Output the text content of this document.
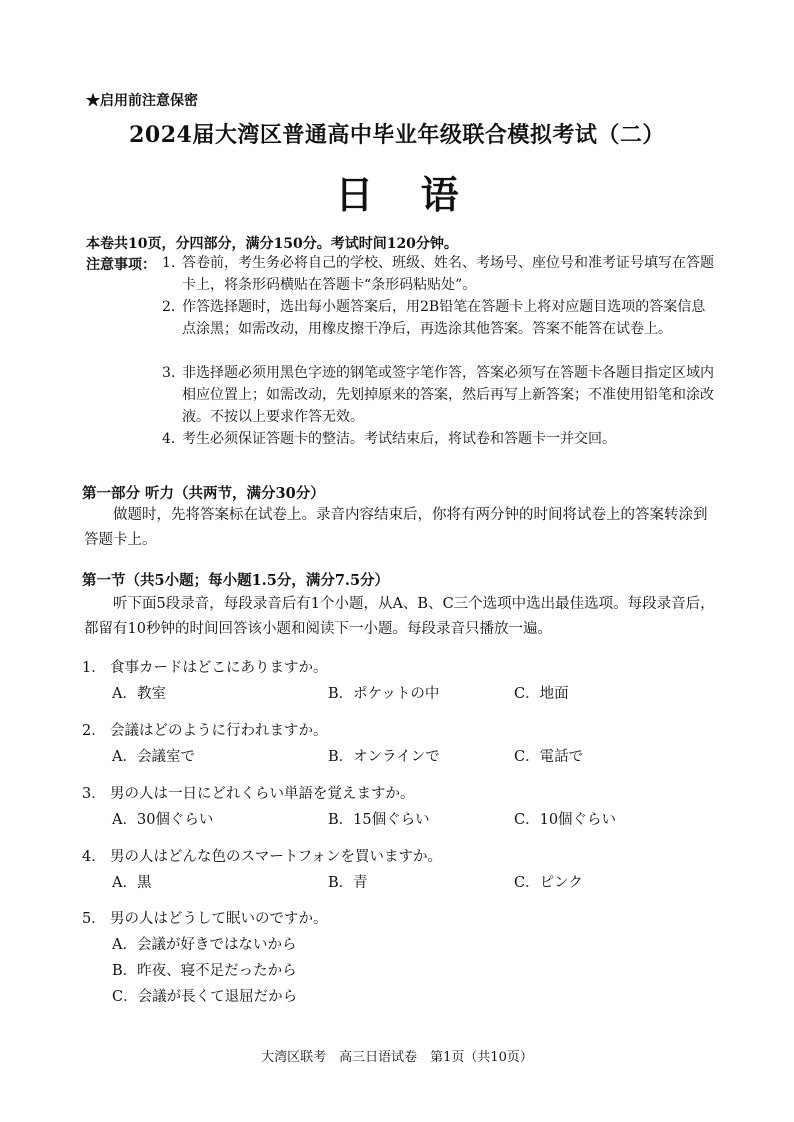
★启用前注意保密
2024届大湾区普通高中毕业年级联合模拟考试（二）
日 语
本卷共10页，分四部分，满分150分。考试时间120分钟。
注意事项： 1. 答卷前，考生务必将自己的学校、班级、姓名、考场号、座位号和准考证号填写在答题卡上，将条形码横贴在答题卡“条形码粘贴处”。
2. 作答选择题时，选出每小题答案后，用2B铅笔在答题卡上将对应题目选项的答案信息点涂黑；如需改动，用橡皮擦干净后，再选涂其他答案。答案不能答在试卷上。
3. 非选择题必须用黑色字迹的钢笔或签字笔作答，答案必须写在答题卡各题目指定区域内相应位置上；如需改动，先划掉原来的答案，然后再写上新答案；不准使用铅笔和涂改液。不按以上要求作答无效。
4. 考生必须保证答题卡的整洁。考试结束后，将试卷和答题卡一并交回。
第一部分 听力（共两节，满分30分）
做题时，先将答案标在试卷上。录音内容结束后，你将有两分钟的时间将试卷上的答案转涂到答题卡上。
第一节（共5小题；每小题1.5分，满分7.5分）
听下面5段录音，每段录音后有1个小题，从A、B、C三个选项中选出最佳选项。每段录音后，都留有10秒钟的时间回答该小题和阅读下一小题。每段录音只播放一遍。
1． 食事カードはどこにありますか。
A．教室	B．ポケットの中	C．地面
2． 会議はどのように行われますか。
A．会議室で	B．オンラインで	C．電話で
3． 男の人は一日にどれくらい単語を覚えますか。
A．30個ぐらい	B．15個ぐらい	C．10個ぐらい
4． 男の人はどんな色のスマートフォンを買いますか。
A．黒	B．青	C．ピンク
5． 男の人はどうして眠いのですか。
A．会議が好きではないから
B．昨夜、寝不足だったから
C．会議が長くて退屈だから
大湾区联考　高三日语试卷　第1页（共10页）
